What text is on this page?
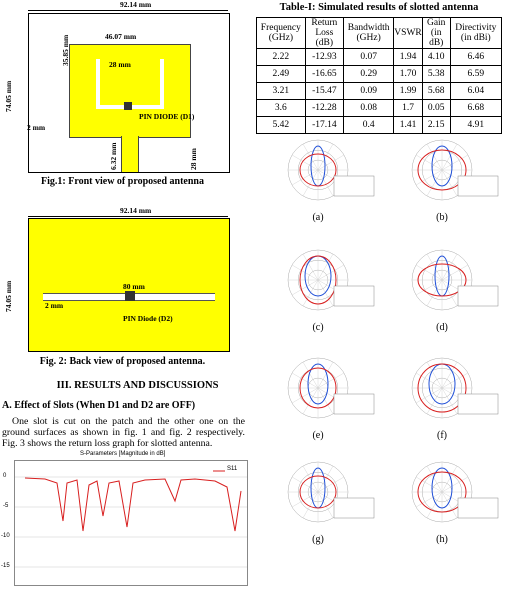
92.14 mm
46.07 mm
28 mm
2 mm
PIN DIODE (D1)
35.85 mm
6.32 mm	28 mm
74.05 mm
Fig.1: Front view of proposed antenna
92.14 mm
80 mm
2 mm
PIN Diode (D2)
74.05 mm
Fig. 2: Back view of proposed antenna.
III. RESULTS AND DISCUSSIONS
A. Effect of Slots (When D1 and D2 are OFF)
One slot is cut on the patch and the other one on the ground surfaces as shown in fig. 1 and fig. 2 respectively. Fig. 3 shows the return loss graph for slotted antenna.
S-Parameters [Magnitude in dB]
S11
0
-5
-10
-15
Table-I: Simulated results of slotted antenna
Frequency (GHz)	Return Loss (dB)	Bandwidth (GHz)	VSWR	Gain (in dB)	Directivity (in dBi)
2.22	-12.93	0.07	1.94	4.10	6.46
2.49	-16.65	0.29	1.70	5.38	6.59
3.21	-15.47	0.09	1.99	5.68	6.04
3.6	-12.28	0.08	1.7	0.05	6.68
5.42	-17.14	0.4	1.41	2.15	4.91
(a)	(b)
(c)	(d)
(e)	(f)
(g)	(h)
